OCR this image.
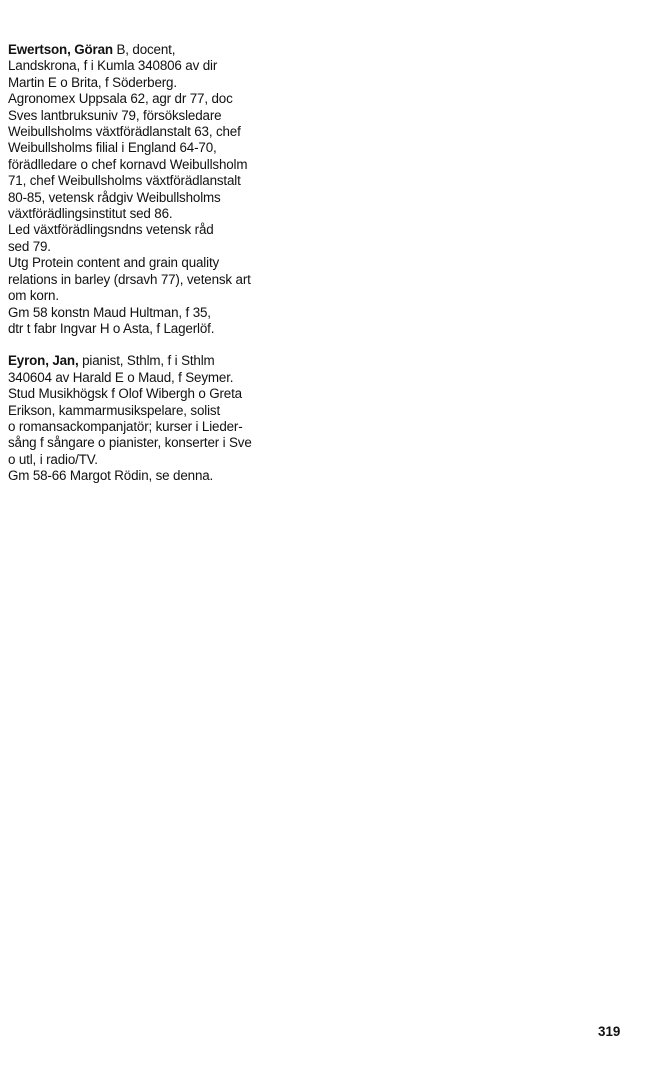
Ewertson, Göran B, docent,
Landskrona, f i Kumla 340806 av dir
Martin E o Brita, f Söderberg.
Agronomex Uppsala 62, agr dr 77, doc
Sves lantbruksuniv 79, försöksledare
Weibullsholms växtförädlanstalt 63, chef
Weibullsholms filial i England 64-70,
förädlledare o chef kornavd Weibullsholm
71, chef Weibullsholms växtförädlanstalt
80-85, vetensk rådgiv Weibullsholms
växtförädlingsinstitut sed 86.
Led växtförädlingsndns vetensk råd
sed 79.
Utg Protein content and grain quality
relations in barley (drsavh 77), vetensk art
om korn.
Gm 58 konstn Maud Hultman, f 35,
dtr t fabr Ingvar H o Asta, f Lagerlöf.

Eyron, Jan, pianist, Sthlm, f i Sthlm
340604 av Harald E o Maud, f Seymer.
Stud Musikhögsk f Olof Wibergh o Greta
Erikson, kammarmusikspelare, solist
o romansackompanjatör; kurser i Lieder-
sång f sångare o pianister, konserter i Sve
o utl, i radio/TV.
Gm 58-66 Margot Rödin, se denna.

319
